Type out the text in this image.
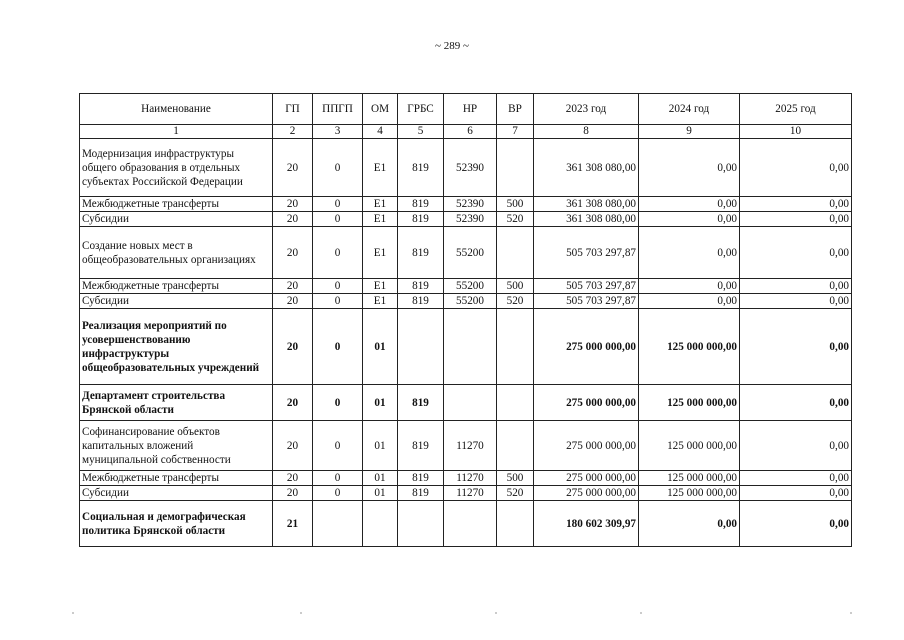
~ 289 ~
Наименование	ГП	ППГП	ОМ	ГРБС	НР	ВР	2023 год	2024 год	2025 год
1	2	3	4	5	6	7	8	9	10
Модернизация инфраструктуры общего образования в отдельных субъектах Российской Федерации	20	0	E1	819	52390		361 308 080,00	0,00	0,00
Межбюджетные трансферты	20	0	E1	819	52390	500	361 308 080,00	0,00	0,00
Субсидии	20	0	E1	819	52390	520	361 308 080,00	0,00	0,00
Создание новых мест в общеобразовательных организациях	20	0	E1	819	55200		505 703 297,87	0,00	0,00
Межбюджетные трансферты	20	0	E1	819	55200	500	505 703 297,87	0,00	0,00
Субсидии	20	0	E1	819	55200	520	505 703 297,87	0,00	0,00
Реализация мероприятий по усовершенствованию инфраструктуры общеобразовательных учреждений	20	0	01				275 000 000,00	125 000 000,00	0,00
Департамент строительства Брянской области	20	0	01	819			275 000 000,00	125 000 000,00	0,00
Софинансирование объектов капитальных вложений муниципальной собственности	20	0	01	819	11270		275 000 000,00	125 000 000,00	0,00
Межбюджетные трансферты	20	0	01	819	11270	500	275 000 000,00	125 000 000,00	0,00
Субсидии	20	0	01	819	11270	520	275 000 000,00	125 000 000,00	0,00
Социальная и демографическая политика Брянской области	21						180 602 309,97	0,00	0,00
